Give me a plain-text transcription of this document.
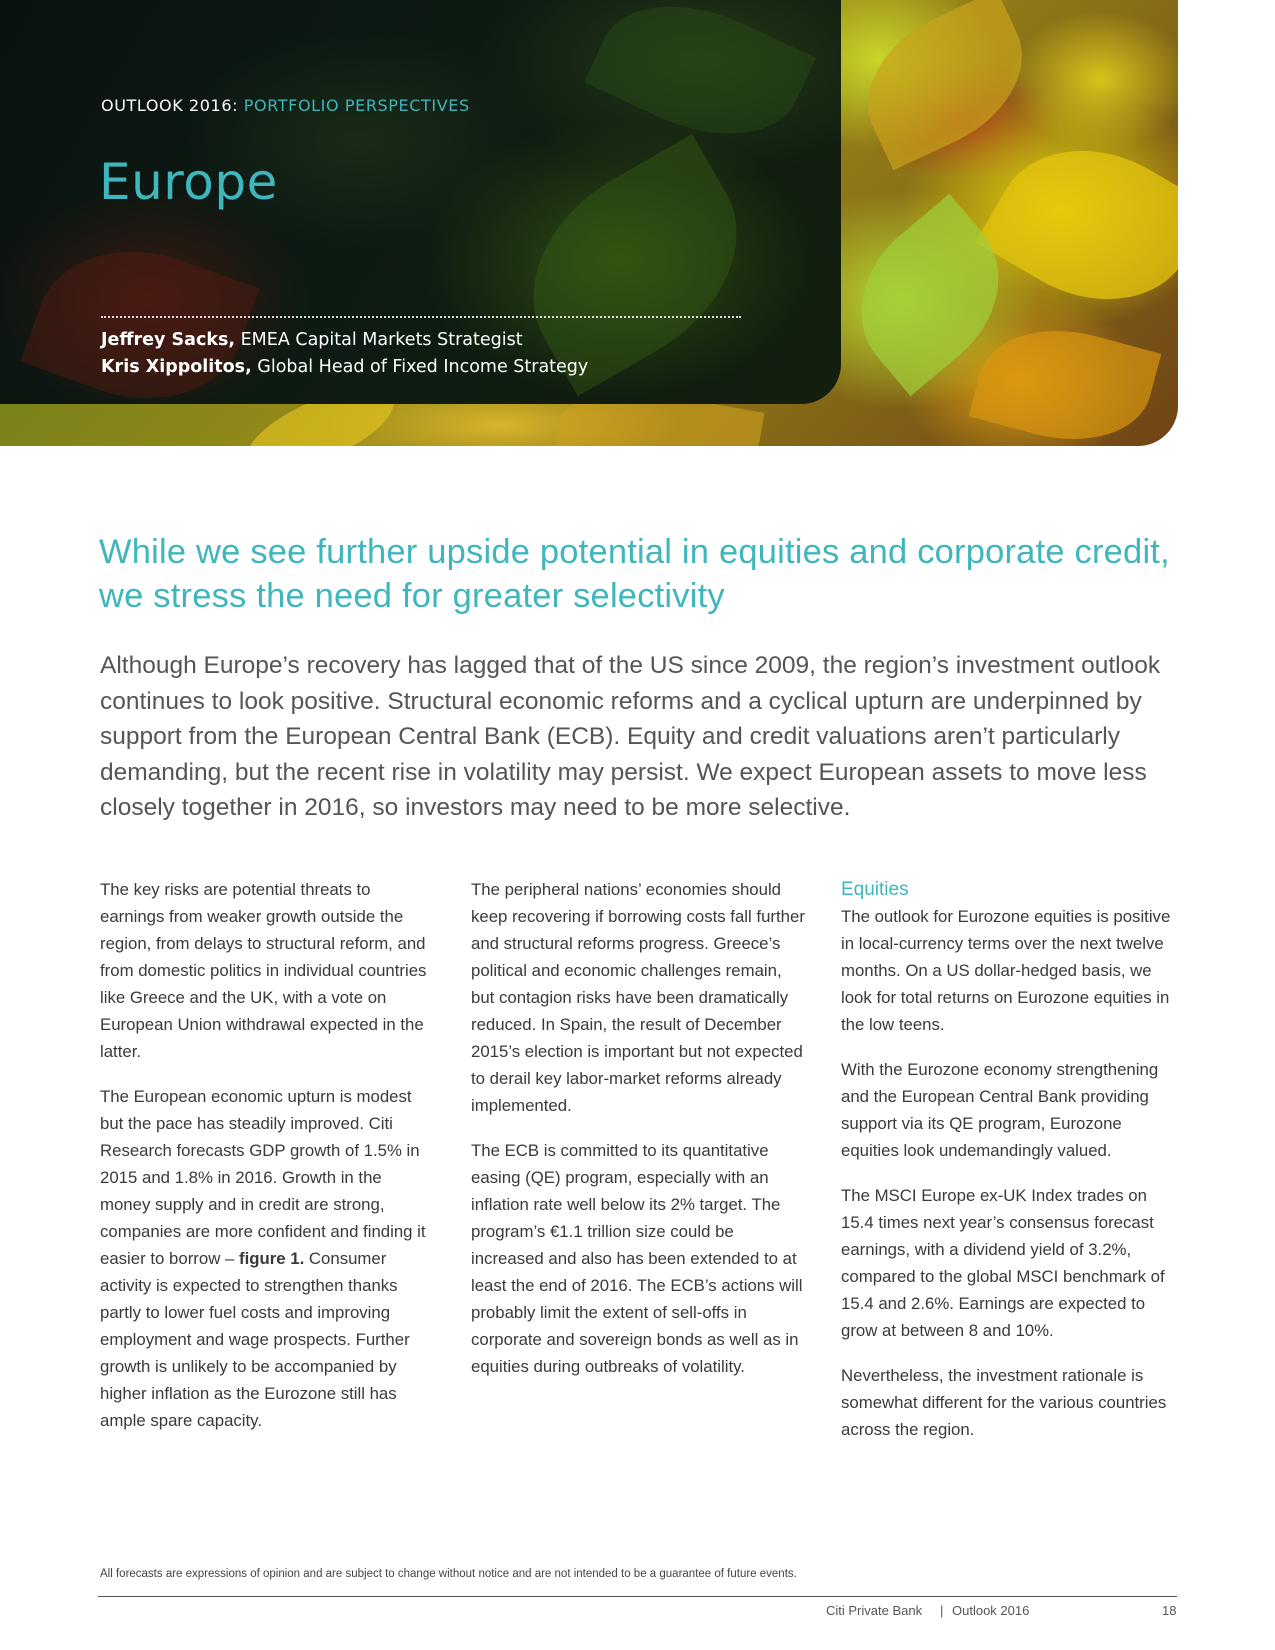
OUTLOOK 2016: PORTFOLIO PERSPECTIVES
Europe
Jeffrey Sacks, EMEA Capital Markets Strategist
Kris Xippolitos, Global Head of Fixed Income Strategy
While we see further upside potential in equities and corporate credit, we stress the need for greater selectivity

Although Europe’s recovery has lagged that of the US since 2009, the region’s investment outlook continues to look positive. Structural economic reforms and a cyclical upturn are underpinned by support from the European Central Bank (ECB). Equity and credit valuations aren’t particularly demanding, but the recent rise in volatility may persist. We expect European assets to move less closely together in 2016, so investors may need to be more selective.

The key risks are potential threats to earnings from weaker growth outside the region, from delays to structural reform, and from domestic politics in individual countries like Greece and the UK, with a vote on European Union withdrawal expected in the latter.

The European economic upturn is modest but the pace has steadily improved. Citi Research forecasts GDP growth of 1.5% in 2015 and 1.8% in 2016. Growth in the money supply and in credit are strong, companies are more confident and finding it easier to borrow – figure 1. Consumer activity is expected to strengthen thanks partly to lower fuel costs and improving employment and wage prospects. Further growth is unlikely to be accompanied by higher inflation as the Eurozone still has ample spare capacity.

The peripheral nations’ economies should keep recovering if borrowing costs fall further and structural reforms progress. Greece’s political and economic challenges remain, but contagion risks have been dramatically reduced. In Spain, the result of December 2015’s election is important but not expected to derail key labor-market reforms already implemented.

The ECB is committed to its quantitative easing (QE) program, especially with an inflation rate well below its 2% target. The program’s €1.1 trillion size could be increased and also has been extended to at least the end of 2016. The ECB’s actions will probably limit the extent of sell-offs in corporate and sovereign bonds as well as in equities during outbreaks of volatility.

Equities

The outlook for Eurozone equities is positive in local-currency terms over the next twelve months. On a US dollar-hedged basis, we look for total returns on Eurozone equities in the low teens.

With the Eurozone economy strengthening and the European Central Bank providing support via its QE program, Eurozone equities look undemandingly valued.

The MSCI Europe ex-UK Index trades on 15.4 times next year’s consensus forecast earnings, with a dividend yield of 3.2%, compared to the global MSCI benchmark of 15.4 and 2.6%. Earnings are expected to grow at between 8 and 10%.

Nevertheless, the investment rationale is somewhat different for the various countries across the region.

All forecasts are expressions of opinion and are subject to change without notice and are not intended to be a guarantee of future events.
Citi Private Bank | Outlook 2016	18
